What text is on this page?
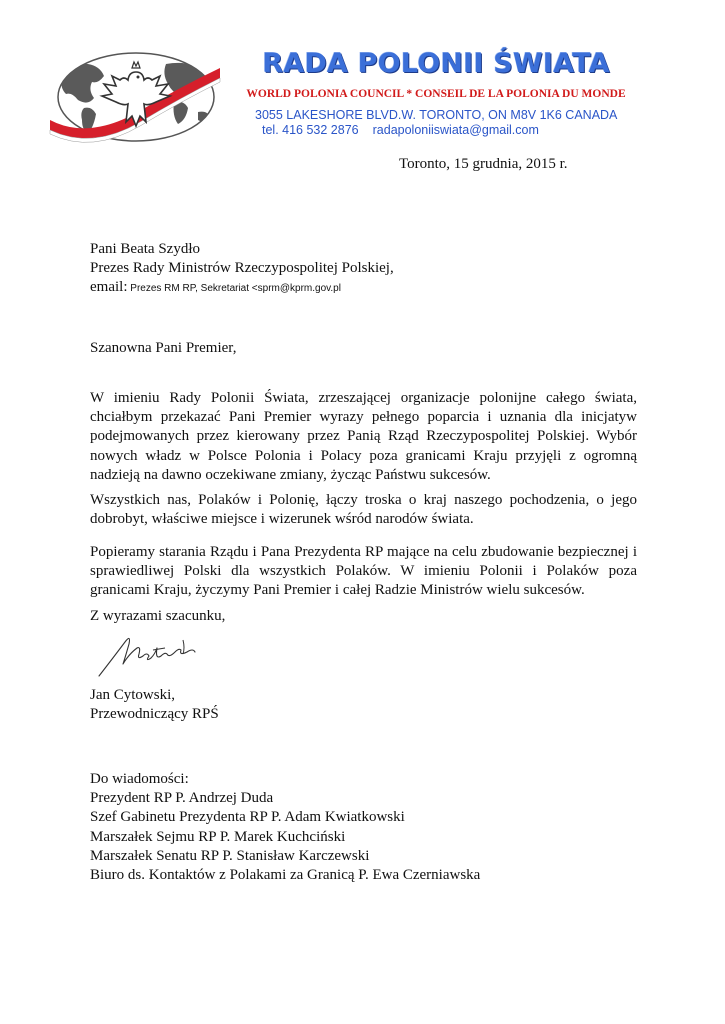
RADA POLONII ŚWIATA
WORLD POLONIA COUNCIL * CONSEIL DE LA POLONIA DU MONDE
3055 LAKESHORE BLVD.W. TORONTO, ON M8V 1K6 CANADA
tel. 416 532 2876 radapoloniiswiata@gmail.com
Toronto, 15 grudnia, 2015 r.
Pani Beata Szydło
Prezes Rady Ministrów Rzeczypospolitej Polskiej,
email: Prezes RM RP, Sekretariat <sprm@kprm.gov.pl
Szanowna Pani Premier,
W imieniu Rady Polonii Świata, zrzeszającej organizacje polonijne całego świata, chciałbym przekazać Pani Premier wyrazy pełnego poparcia i uznania dla inicjatyw podejmowanych przez kierowany przez Panią Rząd Rzeczypospolitej Polskiej. Wybór nowych władz w Polsce Polonia i Polacy poza granicami Kraju przyjęli z ogromną nadzieją na dawno oczekiwane zmiany, życząc Państwu sukcesów.
Wszystkich nas, Polaków i Polonię, łączy troska o kraj naszego pochodzenia, o jego dobrobyt, właściwe miejsce i wizerunek wśród narodów świata.
Popieramy starania Rządu i Pana Prezydenta RP mające na celu zbudowanie bezpiecznej i sprawiedliwej Polski dla wszystkich Polaków. W imieniu Polonii i Polaków poza granicami Kraju, życzymy Pani Premier i całej Radzie Ministrów wielu sukcesów.
Z wyrazami szacunku,
Jan Cytowski,
Przewodniczący RPŚ
Do wiadomości:
Prezydent RP P. Andrzej Duda
Szef Gabinetu Prezydenta RP P. Adam Kwiatkowski
Marszałek Sejmu RP P. Marek Kuchciński
Marszałek Senatu RP P. Stanisław Karczewski
Biuro ds. Kontaktów z Polakami za Granicą P. Ewa Czerniawska
